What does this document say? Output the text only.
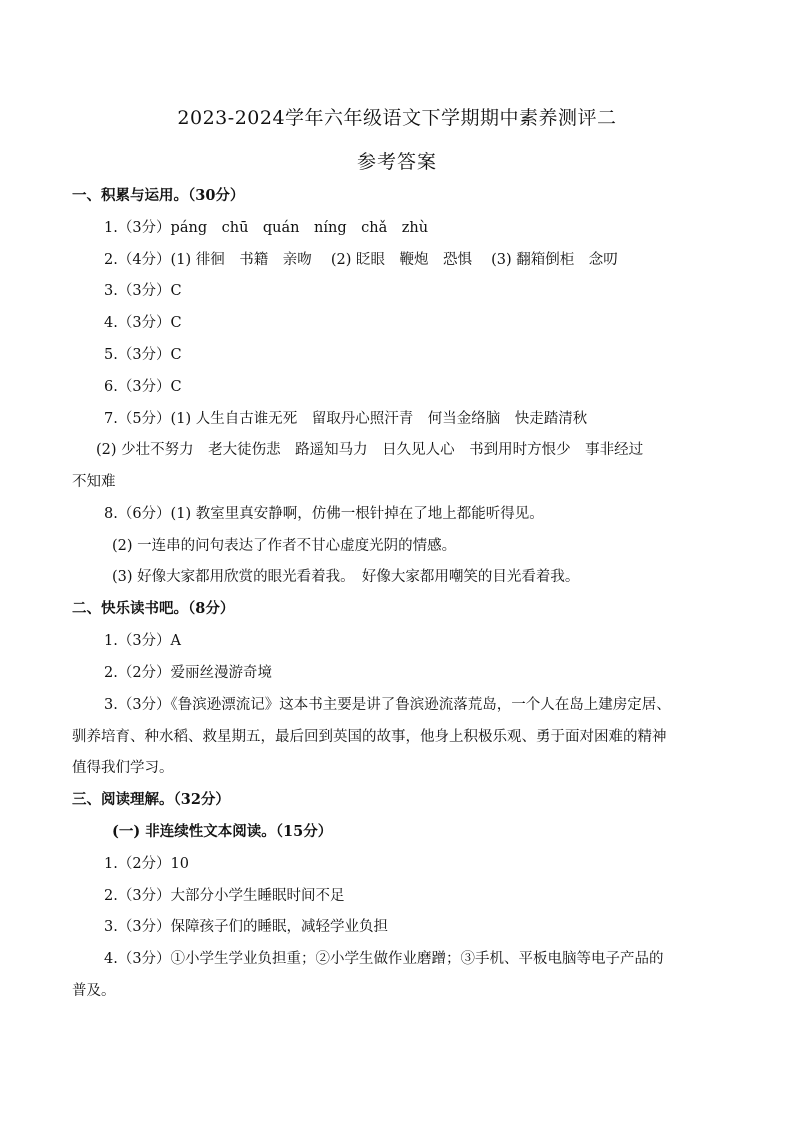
2023-2024学年六年级语文下学期期中素养测评二
参考答案
一、积累与运用。（30分）
1.（3分）páng　chū　quán　níng　chǎ　zhù
2.（4分）(1) 徘徊　书籍　亲吻　 (2) 眨眼　鞭炮　恐惧　 (3) 翻箱倒柜　念叨
3.（3分）C
4.（3分）C
5.（3分）C
6.（3分）C
7.（5分）(1) 人生自古谁无死　留取丹心照汗青　何当金络脑　快走踏清秋
(2) 少壮不努力　老大徒伤悲　路遥知马力　日久见人心　书到用时方恨少　事非经过
不知难
8.（6分）(1) 教室里真安静啊，仿佛一根针掉在了地上都能听得见。
(2) 一连串的问句表达了作者不甘心虚度光阴的情感。
(3) 好像大家都用欣赏的眼光看着我。　好像大家都用嘲笑的目光看着我。
二、快乐读书吧。（8分）
1.（3分）A
2.（2分）爱丽丝漫游奇境
3.（3分）《鲁滨逊漂流记》这本书主要是讲了鲁滨逊流落荒岛，一个人在岛上建房定居、
驯养培育、种水稻、救星期五，最后回到英国的故事，他身上积极乐观、勇于面对困难的精神
值得我们学习。
三、阅读理解。（32分）
(一) 非连续性文本阅读。（15分）
1.（2分）10
2.（3分）大部分小学生睡眠时间不足
3.（3分）保障孩子们的睡眠，减轻学业负担
4.（3分）①小学生学业负担重；②小学生做作业磨蹭；③手机、平板电脑等电子产品的
普及。
